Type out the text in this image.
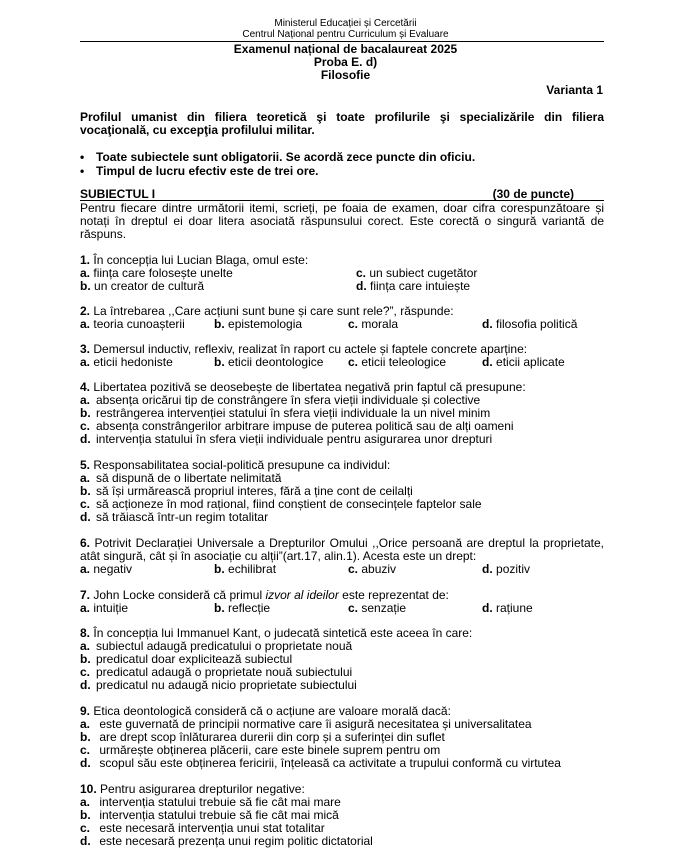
Ministerul Educației și Cercetării
Centrul Național pentru Curriculum și Evaluare
Examenul național de bacalaureat 2025
Proba E. d)
Filosofie
Varianta 1
Profilul umanist din filiera teoretică şi toate profilurile şi specializările din filiera vocaţională, cu excepţia profilului militar.
• Toate subiectele sunt obligatorii. Se acordă zece puncte din oficiu.
• Timpul de lucru efectiv este de trei ore.
SUBIECTUL I	(30 de puncte)
Pentru fiecare dintre următorii itemi, scrieți, pe foaia de examen, doar cifra corespunzătoare și notați în dreptul ei doar litera asociată răspunsului corect. Este corectă o singură variantă de răspuns.
1. În concepția lui Lucian Blaga, omul este:
a. ființa care folosește unelte	c. un subiect cugetător
b. un creator de cultură	d. ființa care intuiește
2. La întrebarea ,,Care acțiuni sunt bune și care sunt rele?”, răspunde:
a. teoria cunoașterii	b. epistemologia	c. morala	d. filosofia politică
3. Demersul inductiv, reflexiv, realizat în raport cu actele și faptele concrete aparține:
a. eticii hedoniste	b. eticii deontologice	c. eticii teleologice	d. eticii aplicate
4. Libertatea pozitivă se deosebește de libertatea negativă prin faptul că presupune:
a. absența oricărui tip de constrângere în sfera vieții individuale și colective
b. restrângerea intervenției statului în sfera vieții individuale la un nivel minim
c. absența constrângerilor arbitrare impuse de puterea politică sau de alți oameni
d. intervenția statului în sfera vieții individuale pentru asigurarea unor drepturi
5. Responsabilitatea social-politică presupune ca individul:
a. să dispună de o libertate nelimitată
b. să își urmărească propriul interes, fără a ține cont de ceilalți
c. să acționeze în mod rațional, fiind conștient de consecințele faptelor sale
d. să trăiască într-un regim totalitar
6. Potrivit Declarației Universale a Drepturilor Omului ,,Orice persoană are dreptul la proprietate, atât singură, cât și în asociație cu alții”(art.17, alin.1). Acesta este un drept:
a. negativ	b. echilibrat	c. abuziv	d. pozitiv
7. John Locke consideră că primul izvor al ideilor este reprezentat de:
a. intuiție	b. reflecție	c. senzație	d. rațiune
8. În concepția lui Immanuel Kant, o judecată sintetică este aceea în care:
a. subiectul adaugă predicatului o proprietate nouă
b. predicatul doar explicitează subiectul
c. predicatul adaugă o proprietate nouă subiectului
d. predicatul nu adaugă nicio proprietate subiectului
9. Etica deontologică consideră că o acțiune are valoare morală dacă:
a. este guvernată de principii normative care îi asigură necesitatea și universalitatea
b. are drept scop înlăturarea durerii din corp și a suferinței din suflet
c. urmărește obținerea plăcerii, care este binele suprem pentru om
d. scopul său este obținerea fericirii, înțeleasă ca activitate a trupului conformă cu virtutea
10. Pentru asigurarea drepturilor negative:
a. intervenția statului trebuie să fie cât mai mare
b. intervenția statului trebuie să fie cât mai mică
c. este necesară intervenția unui stat totalitar
d. este necesară prezența unui regim politic dictatorial
